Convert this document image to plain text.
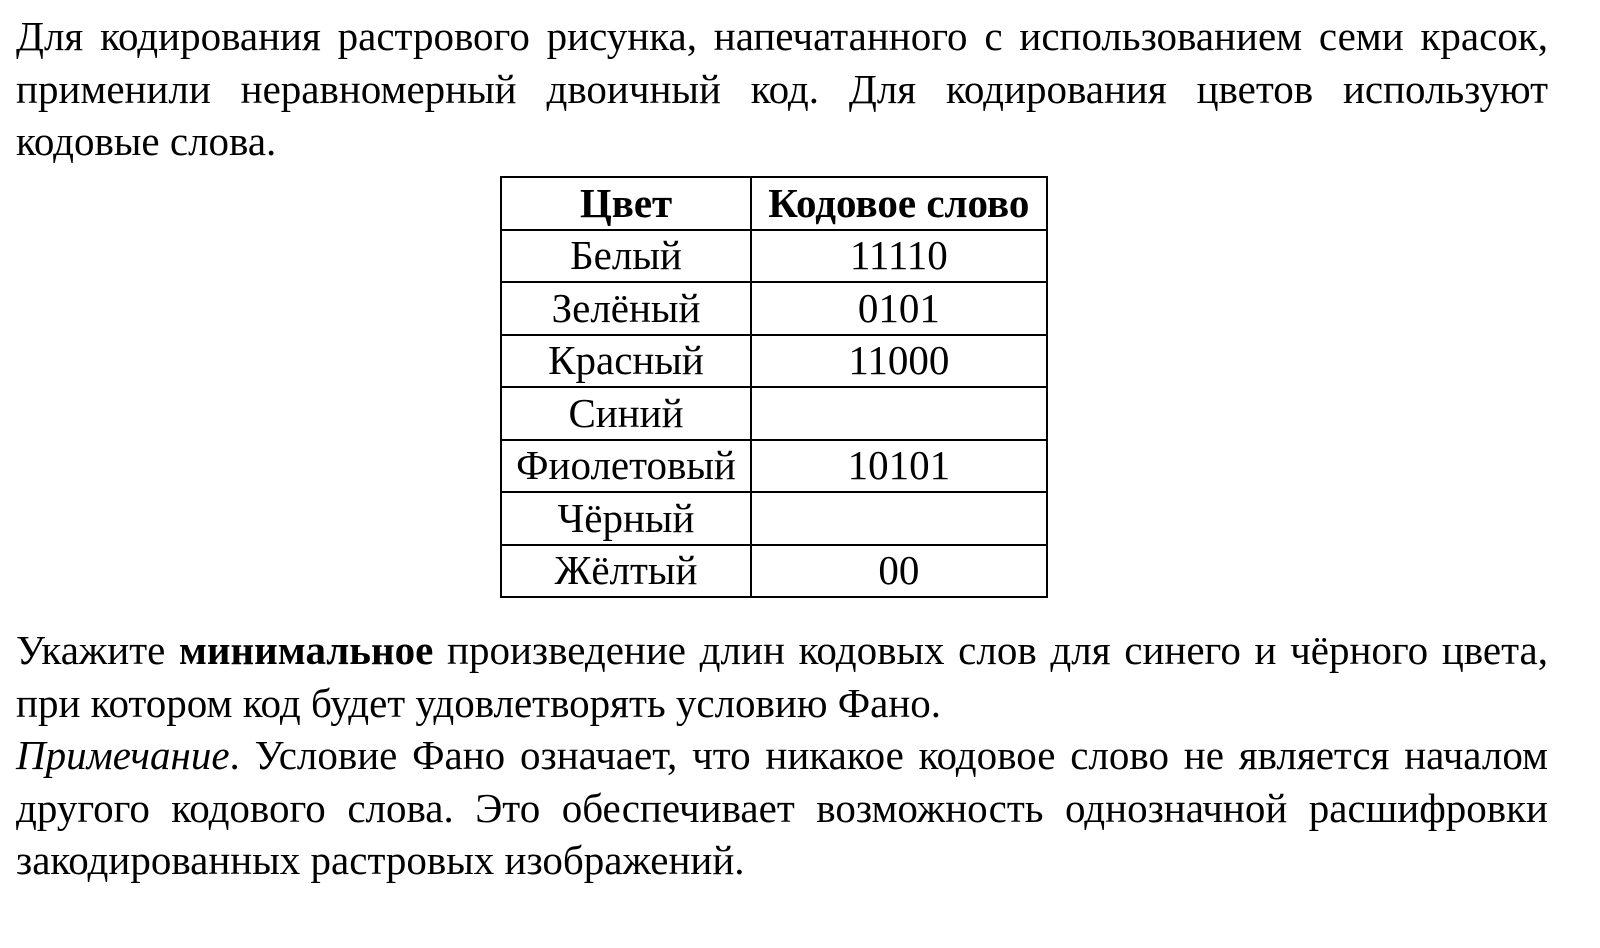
Для кодирования растрового рисунка, напечатанного с использованием семи красок, применили неравномерный двоичный код. Для кодирования цветов используют кодовые слова.

Цвет	Кодовое слово
Белый	11110
Зелёный	0101
Красный	11000
Синий	
Фиолетовый	10101
Чёрный	
Жёлтый	00

Укажите минимальное произведение длин кодовых слов для синего и чёрного цвета, при котором код будет удовлетворять условию Фано.

Примечание. Условие Фано означает, что никакое кодовое слово не является началом другого кодового слова. Это обеспечивает возможность однозначной расшифровки закодированных растровых изображений.
